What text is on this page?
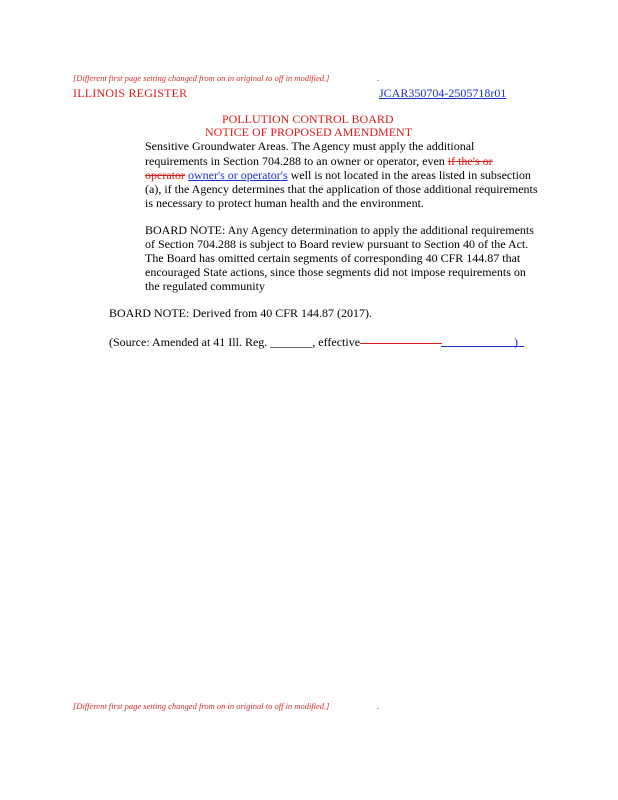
[Different first page setting changed from on in original to off in modified.]	.
ILLINOIS REGISTER	JCAR350704-2505718r01
POLLUTION CONTROL BOARD
NOTICE OF PROPOSED AMENDMENT
Sensitive Groundwater Areas. The Agency must apply the additional
requirements in Section 704.288 to an owner or operator, even if the's or
operator owner's or operator's well is not located in the areas listed in subsection
(a), if the Agency determines that the application of those additional requirements
is necessary to protect human health and the environment.
BOARD NOTE: Any Agency determination to apply the additional requirements
of Section 704.288 is subject to Board review pursuant to Section 40 of the Act.
The Board has omitted certain segments of corresponding 40 CFR 144.87 that
encouraged State actions, since those segments did not impose requirements on
the regulated community
BOARD NOTE: Derived from 40 CFR 144.87 (2017).
(Source: Amended at 41 Ill. Reg. _______, effective	)
[Different first page setting changed from on in original to off in modified.]	.
